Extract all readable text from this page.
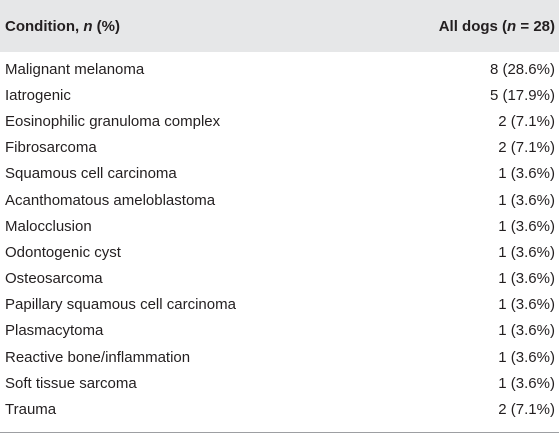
Condition, n (%)	All dogs (n = 28)

Malignant melanoma	8 (28.6%)
Iatrogenic	5 (17.9%)
Eosinophilic granuloma complex	2 (7.1%)
Fibrosarcoma	2 (7.1%)
Squamous cell carcinoma	1 (3.6%)
Acanthomatous ameloblastoma	1 (3.6%)
Malocclusion	1 (3.6%)
Odontogenic cyst	1 (3.6%)
Osteosarcoma	1 (3.6%)
Papillary squamous cell carcinoma	1 (3.6%)
Plasmacytoma	1 (3.6%)
Reactive bone/inflammation	1 (3.6%)
Soft tissue sarcoma	1 (3.6%)
Trauma	2 (7.1%)
